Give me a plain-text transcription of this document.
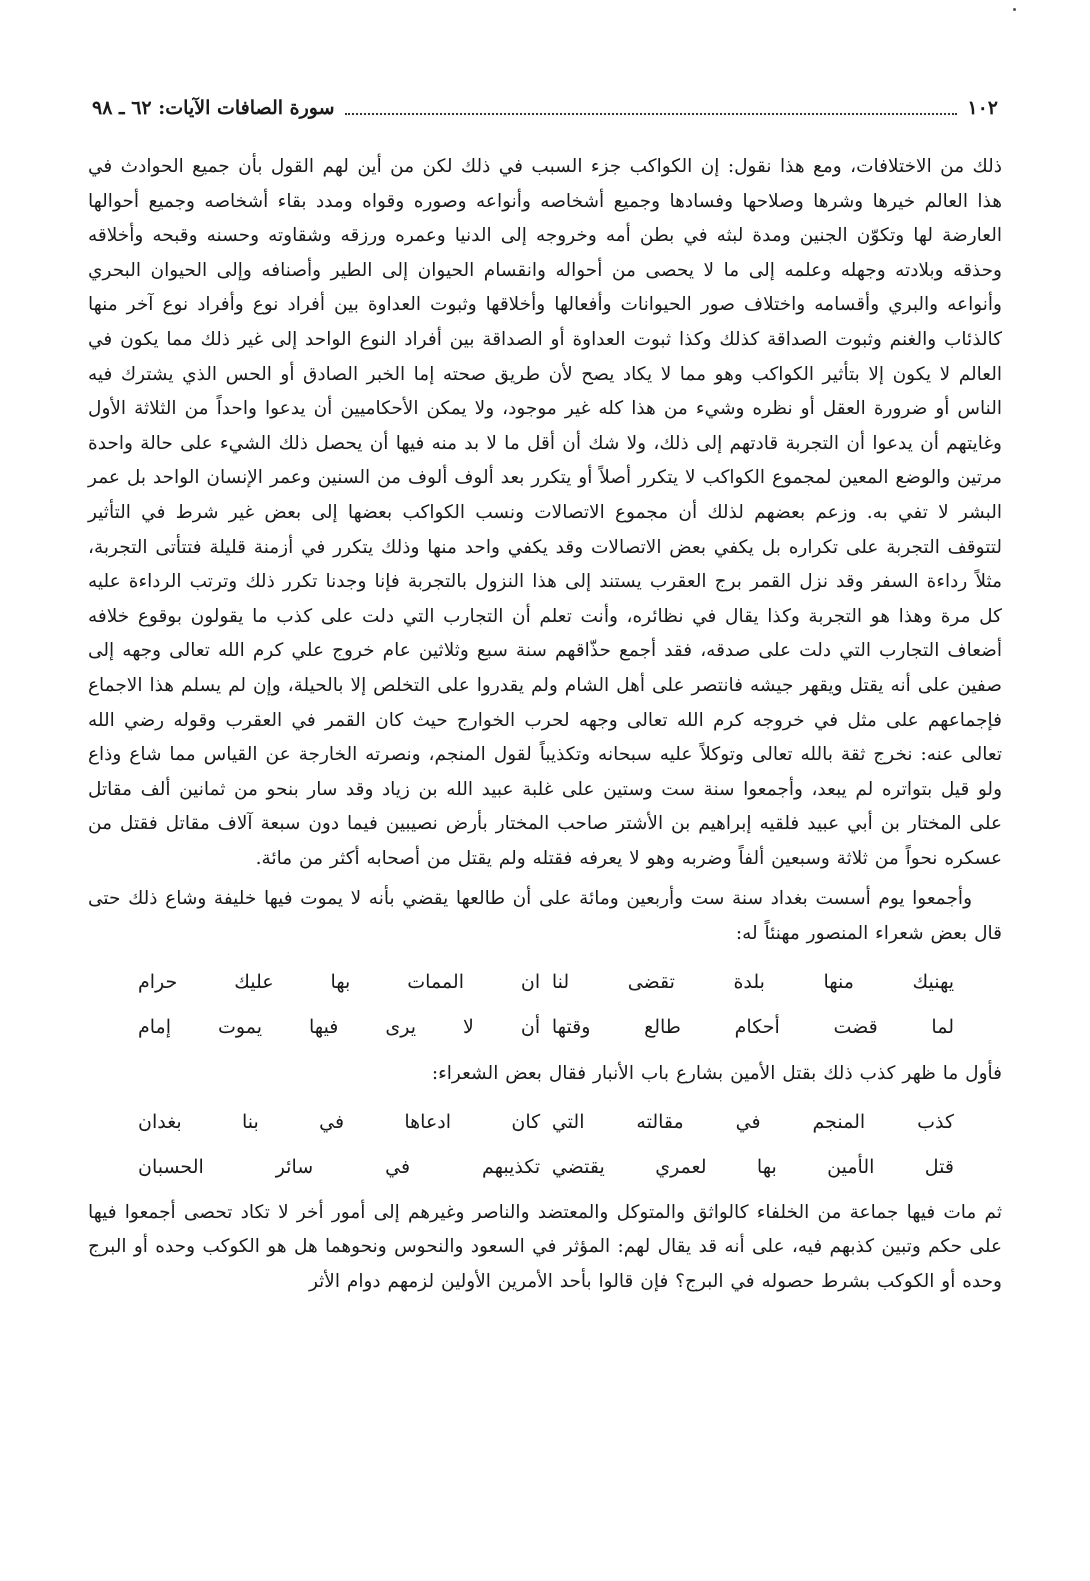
١٠٢
سورة الصافات الآيات: ٦٢ ـ ٩٨

ذلك من الاختلافات، ومع هذا نقول: إن الكواكب جزء السبب في ذلك لكن من أين لهم القول بأن جميع الحوادث في هذا العالم خيرها وشرها وصلاحها وفسادها وجميع أشخاصه وأنواعه وصوره وقواه ومدد بقاء أشخاصه وجميع أحوالها العارضة لها وتكوّن الجنين ومدة لبثه في بطن أمه وخروجه إلى الدنيا وعمره ورزقه وشقاوته وحسنه وقبحه وأخلاقه وحذقه وبلادته وجهله وعلمه إلى ما لا يحصى من أحواله وانقسام الحيوان إلى الطير وأصنافه وإلى الحيوان البحري وأنواعه والبري وأقسامه واختلاف صور الحيوانات وأفعالها وأخلاقها وثبوت العداوة بين أفراد نوع وأفراد نوع آخر منها كالذئاب والغنم وثبوت الصداقة كذلك وكذا ثبوت العداوة أو الصداقة بين أفراد النوع الواحد إلى غير ذلك مما يكون في العالم لا يكون إلا بتأثير الكواكب وهو مما لا يكاد يصح لأن طريق صحته إما الخبر الصادق أو الحس الذي يشترك فيه الناس أو ضرورة العقل أو نظره وشيء من هذا كله غير موجود، ولا يمكن الأحكاميين أن يدعوا واحداً من الثلاثة الأول وغايتهم أن يدعوا أن التجربة قادتهم إلى ذلك، ولا شك أن أقل ما لا بد منه فيها أن يحصل ذلك الشيء على حالة واحدة مرتين والوضع المعين لمجموع الكواكب لا يتكرر أصلاً أو يتكرر بعد ألوف ألوف من السنين وعمر الإنسان الواحد بل عمر البشر لا تفي به. وزعم بعضهم لذلك أن مجموع الاتصالات ونسب الكواكب بعضها إلى بعض غير شرط في التأثير لتتوقف التجربة على تكراره بل يكفي بعض الاتصالات وقد يكفي واحد منها وذلك يتكرر في أزمنة قليلة فتتأتى التجربة، مثلاً رداءة السفر وقد نزل القمر برج العقرب يستند إلى هذا النزول بالتجربة فإنا وجدنا تكرر ذلك وترتب الرداءة عليه كل مرة وهذا هو التجربة وكذا يقال في نظائره، وأنت تعلم أن التجارب التي دلت على كذب ما يقولون بوقوع خلافه أضعاف التجارب التي دلت على صدقه، فقد أجمع حذّاقهم سنة سبع وثلاثين عام خروج علي كرم الله تعالى وجهه إلى صفين على أنه يقتل ويقهر جيشه فانتصر على أهل الشام ولم يقدروا على التخلص إلا بالحيلة، وإن لم يسلم هذا الاجماع فإجماعهم على مثل في خروجه كرم الله تعالى وجهه لحرب الخوارج حيث كان القمر في العقرب وقوله رضي الله تعالى عنه: نخرج ثقة بالله تعالى وتوكلاً عليه سبحانه وتكذيباً لقول المنجم، ونصرته الخارجة عن القياس مما شاع وذاع ولو قيل بتواتره لم يبعد، وأجمعوا سنة ست وستين على غلبة عبيد الله بن زياد وقد سار بنحو من ثمانين ألف مقاتل على المختار بن أبي عبيد فلقيه إبراهيم بن الأشتر صاحب المختار بأرض نصيبين فيما دون سبعة آلاف مقاتل فقتل من عسكره نحواً من ثلاثة وسبعين ألفاً وضربه وهو لا يعرفه فقتله ولم يقتل من أصحابه أكثر من مائة.

وأجمعوا يوم أسست بغداد سنة ست وأربعين ومائة على أن طالعها يقضي بأنه لا يموت فيها خليفة وشاع ذلك حتى قال بعض شعراء المنصور مهنئاً له:

يهنيك منها بلدة تقضى لنا
ان الممات بها عليك حرام
لما قضت أحكام طالع وقتها
أن لا يرى فيها يموت إمام

فأول ما ظهر كذب ذلك بقتل الأمين بشارع باب الأنبار فقال بعض الشعراء:

كذب المنجم في مقالته التي
كان ادعاها في بنا بغدان
قتل الأمين بها لعمري يقتضي
تكذيبهم في سائر الحسبان

ثم مات فيها جماعة من الخلفاء كالواثق والمتوكل والمعتضد والناصر وغيرهم إلى أمور أخر لا تكاد تحصى أجمعوا فيها على حكم وتبين كذبهم فيه، على أنه قد يقال لهم: المؤثر في السعود والنحوس ونحوهما هل هو الكوكب وحده أو البرج وحده أو الكوكب بشرط حصوله في البرج؟ فإن قالوا بأحد الأمرين الأولين لزمهم دوام الأثر
